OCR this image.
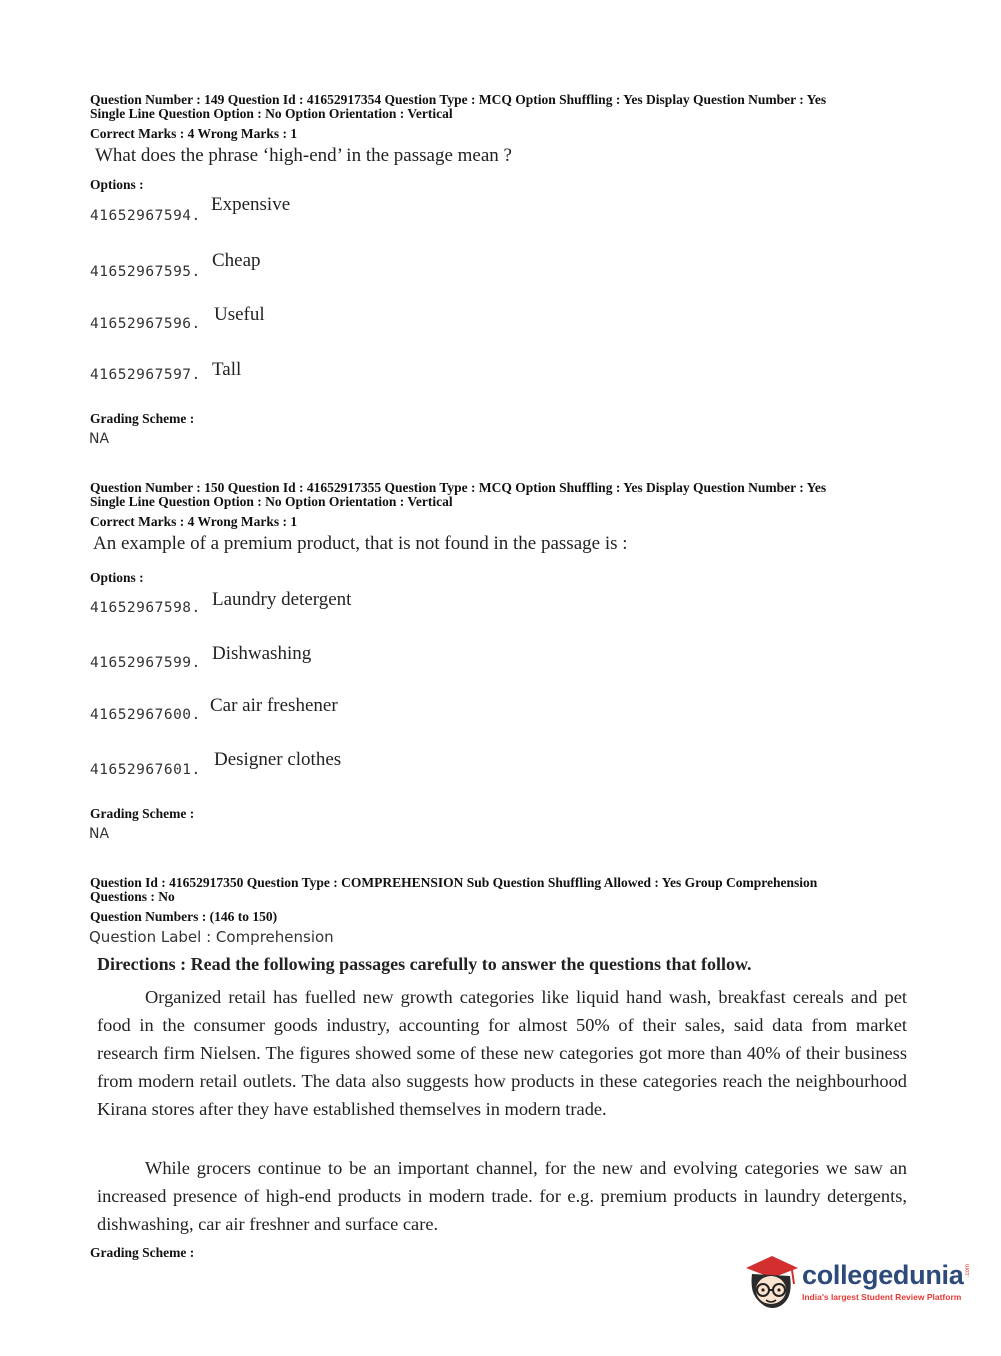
Question Number : 149 Question Id : 41652917354 Question Type : MCQ Option Shuffling : Yes Display Question Number : Yes
Single Line Question Option : No Option Orientation : Vertical
Correct Marks : 4 Wrong Marks : 1
What does the phrase ‘high-end’ in the passage mean ?
Options :
41652967594.
Expensive
41652967595.
Cheap
41652967596. Useful
41652967597. Tall
Grading Scheme :
NA
Question Number : 150 Question Id : 41652917355 Question Type : MCQ Option Shuffling : Yes Display Question Number : Yes
Single Line Question Option : No Option Orientation : Vertical
Correct Marks : 4 Wrong Marks : 1
An example of a premium product, that is not found in the passage is :
Options :
41652967598. Laundry detergent
41652967599. Dishwashing
41652967600. Car air freshener
41652967601. Designer clothes
Grading Scheme :
NA
Question Id : 41652917350 Question Type : COMPREHENSION Sub Question Shuffling Allowed : Yes Group Comprehension
Questions : No
Question Numbers : (146 to 150)
Question Label : Comprehension
Directions : Read the following passages carefully to answer the questions that follow.
Organized retail has fuelled new growth categories like liquid hand wash, breakfast cereals and pet food in the consumer goods industry, accounting for almost 50% of their sales, said data from market research firm Nielsen. The figures showed some of these new categories got more than 40% of their business from modern retail outlets. The data also suggests how products in these categories reach the neighbourhood Kirana stores after they have established themselves in modern trade.
While grocers continue to be an important channel, for the new and evolving categories we saw an increased presence of high-end products in modern trade. for e.g. premium products in laundry detergents, dishwashing, car air freshner and surface care.
Grading Scheme :
collegedunia .com
India's largest Student Review Platform
